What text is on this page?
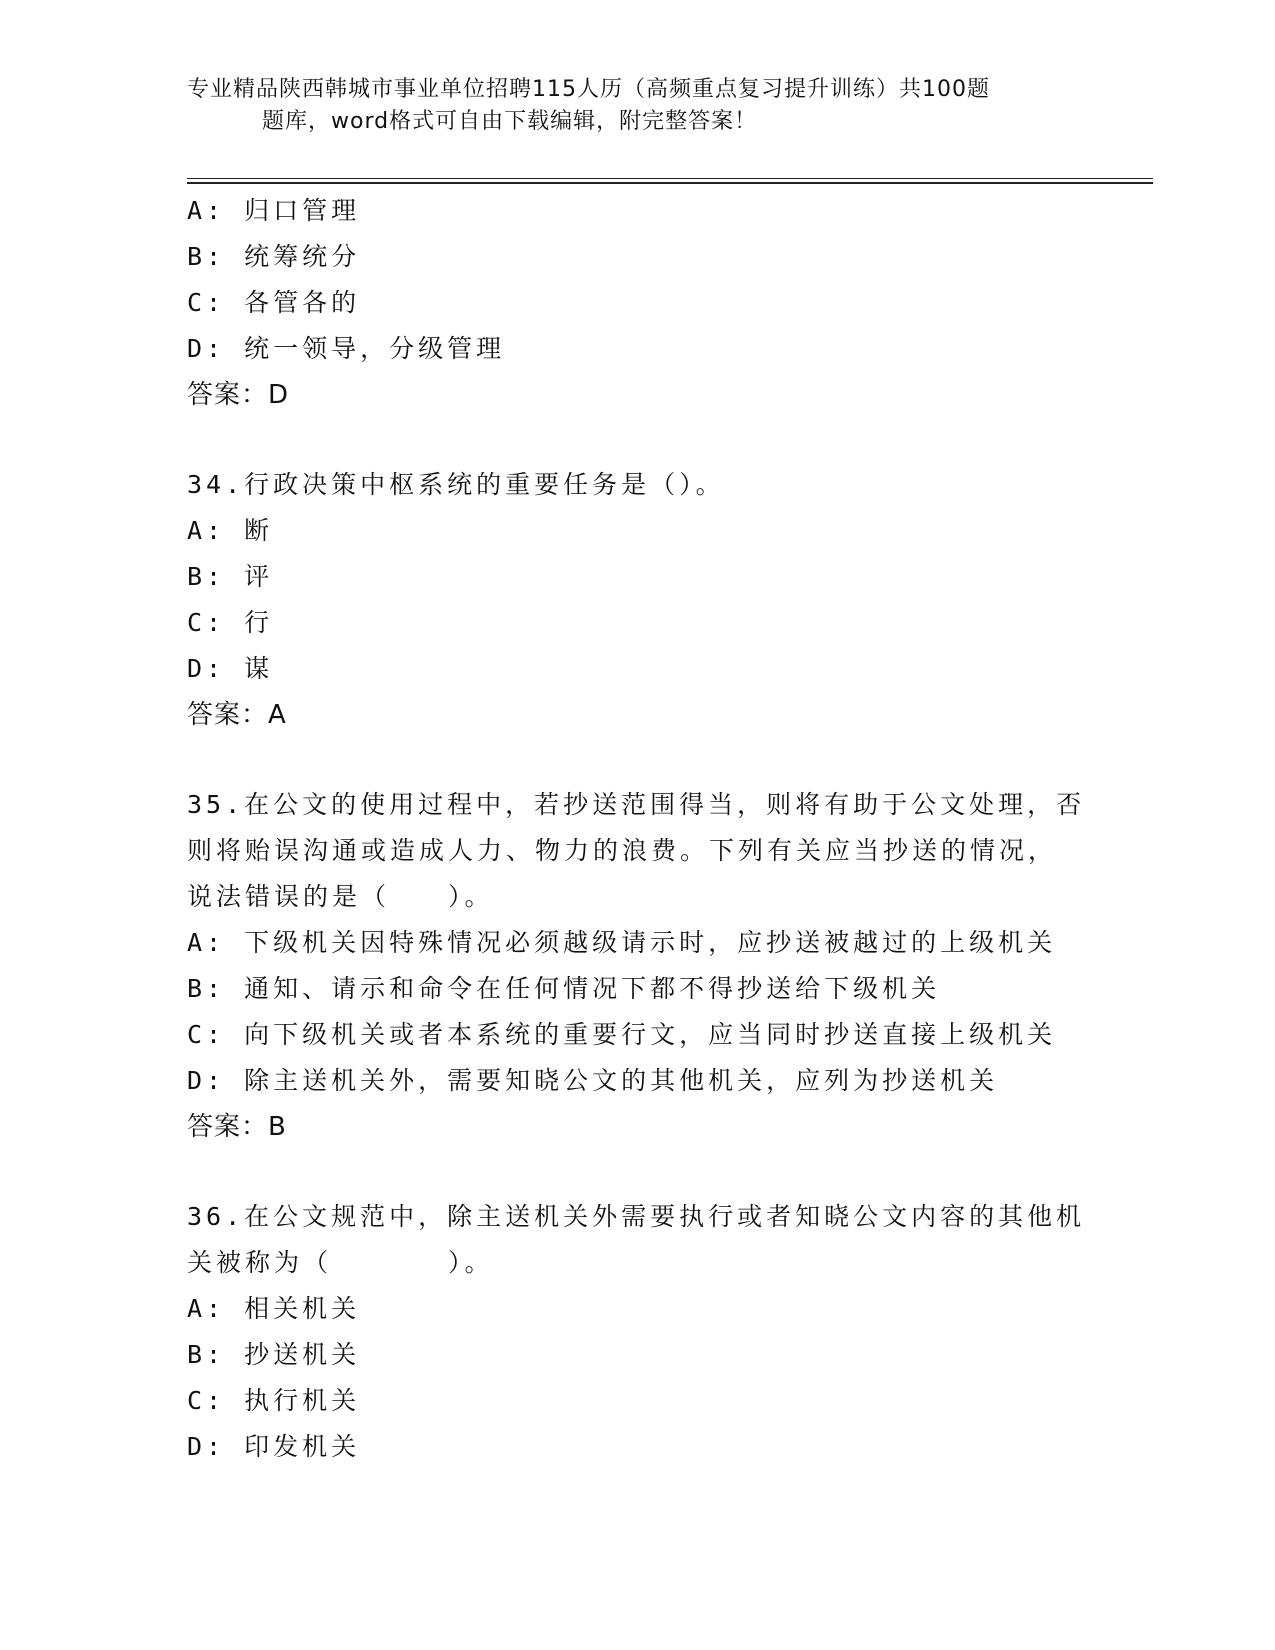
专业精品陕西韩城市事业单位招聘115人历（高频重点复习提升训练）共100题
题库，word格式可自由下载编辑，附完整答案！
A: 归口管理
B: 统筹统分
C: 各管各的
D: 统一领导，分级管理
答案：D
34.行政决策中枢系统的重要任务是（）。
A: 断
B: 评
C: 行
D: 谋
答案：A
35.在公文的使用过程中，若抄送范围得当，则将有助于公文处理，否
则将贻误沟通或造成人力、物力的浪费。下列有关应当抄送的情况，
说法错误的是（　　）。
A: 下级机关因特殊情况必须越级请示时，应抄送被越过的上级机关
B: 通知、请示和命令在任何情况下都不得抄送给下级机关
C: 向下级机关或者本系统的重要行文，应当同时抄送直接上级机关
D: 除主送机关外，需要知晓公文的其他机关，应列为抄送机关
答案：B
36.在公文规范中，除主送机关外需要执行或者知晓公文内容的其他机
关被称为（　　　　）。
A: 相关机关
B: 抄送机关
C: 执行机关
D: 印发机关
